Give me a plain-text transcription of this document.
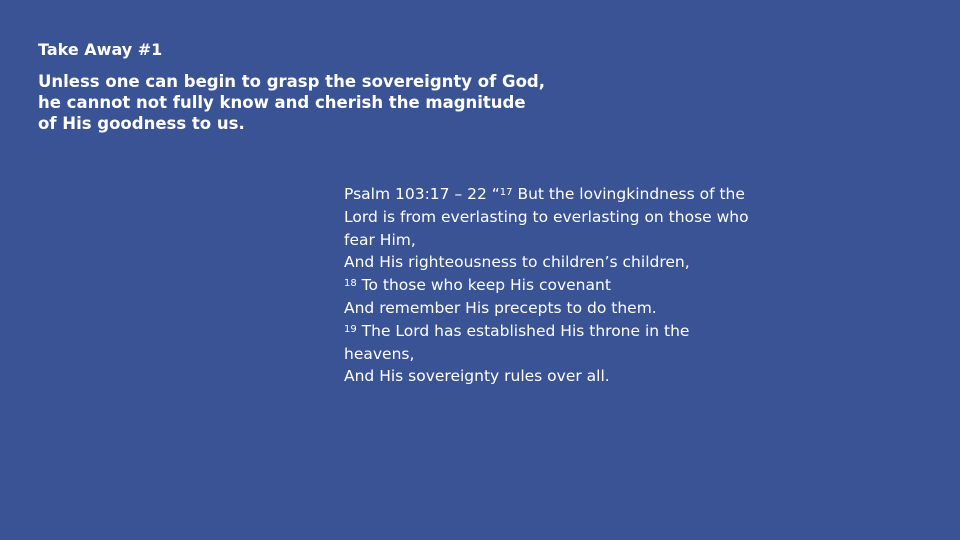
Take Away #1
Unless one can begin to grasp the sovereignty of God,
he cannot not fully know and cherish the magnitude
of His goodness to us.
Psalm 103:17 – 22 “$^{17}$ But the lovingkindness of the
Lord is from everlasting to everlasting on those who
fear Him,
And His righteousness to children’s children,
$^{18}$ To those who keep His covenant
And remember His precepts to do them.
$^{19}$ The Lord has established His throne in the
heavens,
And His sovereignty rules over all.
